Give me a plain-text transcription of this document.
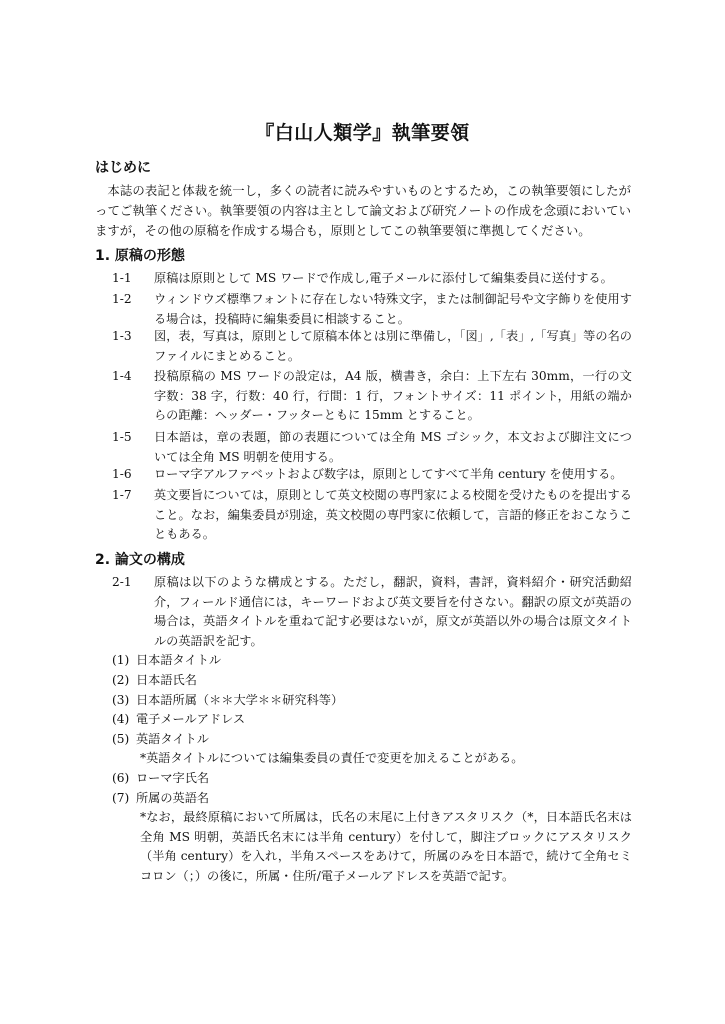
『白山人類学』執筆要領
はじめに
本誌の表記と体裁を統一し，多くの読者に読みやすいものとするため，この執筆要領にしたがってご執筆ください。執筆要領の内容は主として論文および研究ノートの作成を念頭においていますが，その他の原稿を作成する場合も，原則としてこの執筆要領に準拠してください。
1. 原稿の形態
1-1	原稿は原則として MS ワードで作成し,電子メールに添付して編集委員に送付する。
1-2	ウィンドウズ標準フォントに存在しない特殊文字，または制御記号や文字飾りを使用する場合は，投稿時に編集委員に相談すること。
1-3	図，表，写真は，原則として原稿本体とは別に準備し，「図」,「表」,「写真」等の名のファイルにまとめること。
1-4	投稿原稿の MS ワードの設定は，A4 版，横書き，余白：上下左右 30mm，一行の文字数：38 字，行数：40 行，行間：1 行，フォントサイズ：11 ポイント，用紙の端からの距離：ヘッダー・フッターともに 15mm とすること。
1-5	日本語は，章の表題，節の表題については全角 MS ゴシック，本文および脚注文については全角 MS 明朝を使用する。
1-6	ローマ字アルファベットおよび数字は，原則としてすべて半角 century を使用する。
1-7	英文要旨については，原則として英文校閲の専門家による校閲を受けたものを提出すること。なお，編集委員が別途，英文校閲の専門家に依頼して，言語的修正をおこなうこともある。
2. 論文の構成
2-1	原稿は以下のような構成とする。ただし，翻訳，資料，書評，資料紹介・研究活動紹介，フィールド通信には，キーワードおよび英文要旨を付さない。翻訳の原文が英語の場合は，英語タイトルを重ねて記す必要はないが，原文が英語以外の場合は原文タイトルの英語訳を記す。
(1) 日本語タイトル
(2) 日本語氏名
(3) 日本語所属（＊＊大学＊＊研究科等）
(4) 電子メールアドレス
(5) 英語タイトル
*英語タイトルについては編集委員の責任で変更を加えることがある。
(6) ローマ字氏名
(7) 所属の英語名
*なお，最終原稿において所属は，氏名の末尾に上付きアスタリスク（*，日本語氏名末は全角 MS 明朝，英語氏名末には半角 century）を付して，脚注ブロックにアスタリスク（半角 century）を入れ，半角スペースをあけて，所属のみを日本語で，続けて全角セミコロン（；）の後に，所属・住所/電子メールアドレスを英語で記す。
